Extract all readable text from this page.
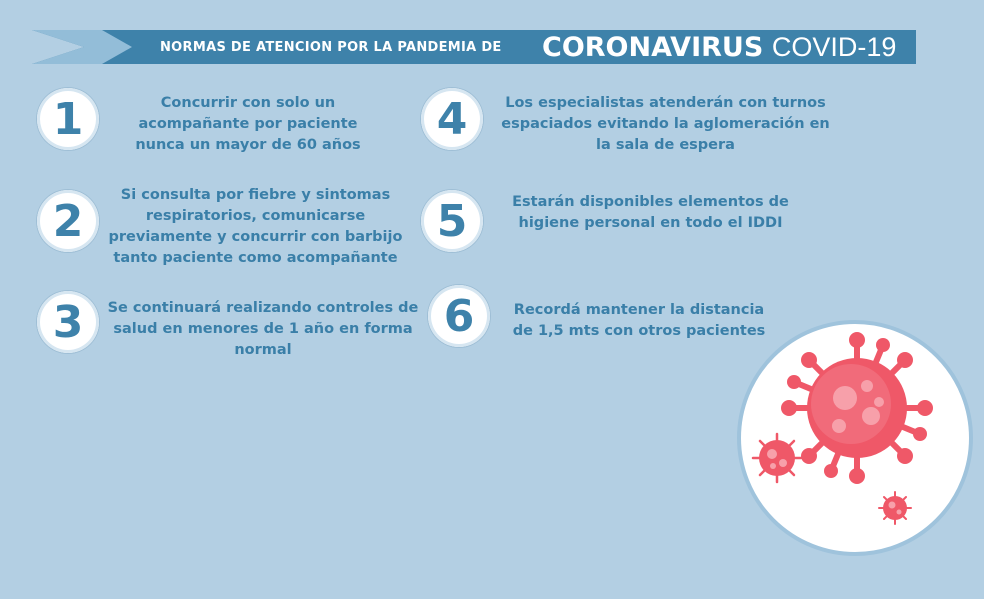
NORMAS DE ATENCION POR LA PANDEMIA DE CORONAVIRUS COVID-19
1	Concurrir con solo un acompañante por paciente nunca un mayor de 60 años
2
Si consulta por fiebre y sintomas respiratorios, comunicarse previamente y concurrir con barbijo tanto paciente como acompañante
3	Se continuará realizando controles de salud en menores de 1 año en forma normal
4	Los especialistas atenderán con turnos espaciados evitando la aglomeración en la sala de espera
5	Estarán disponibles elementos de higiene personal en todo el IDDI
6	Recordá mantener la distancia de 1,5 mts con otros pacientes
